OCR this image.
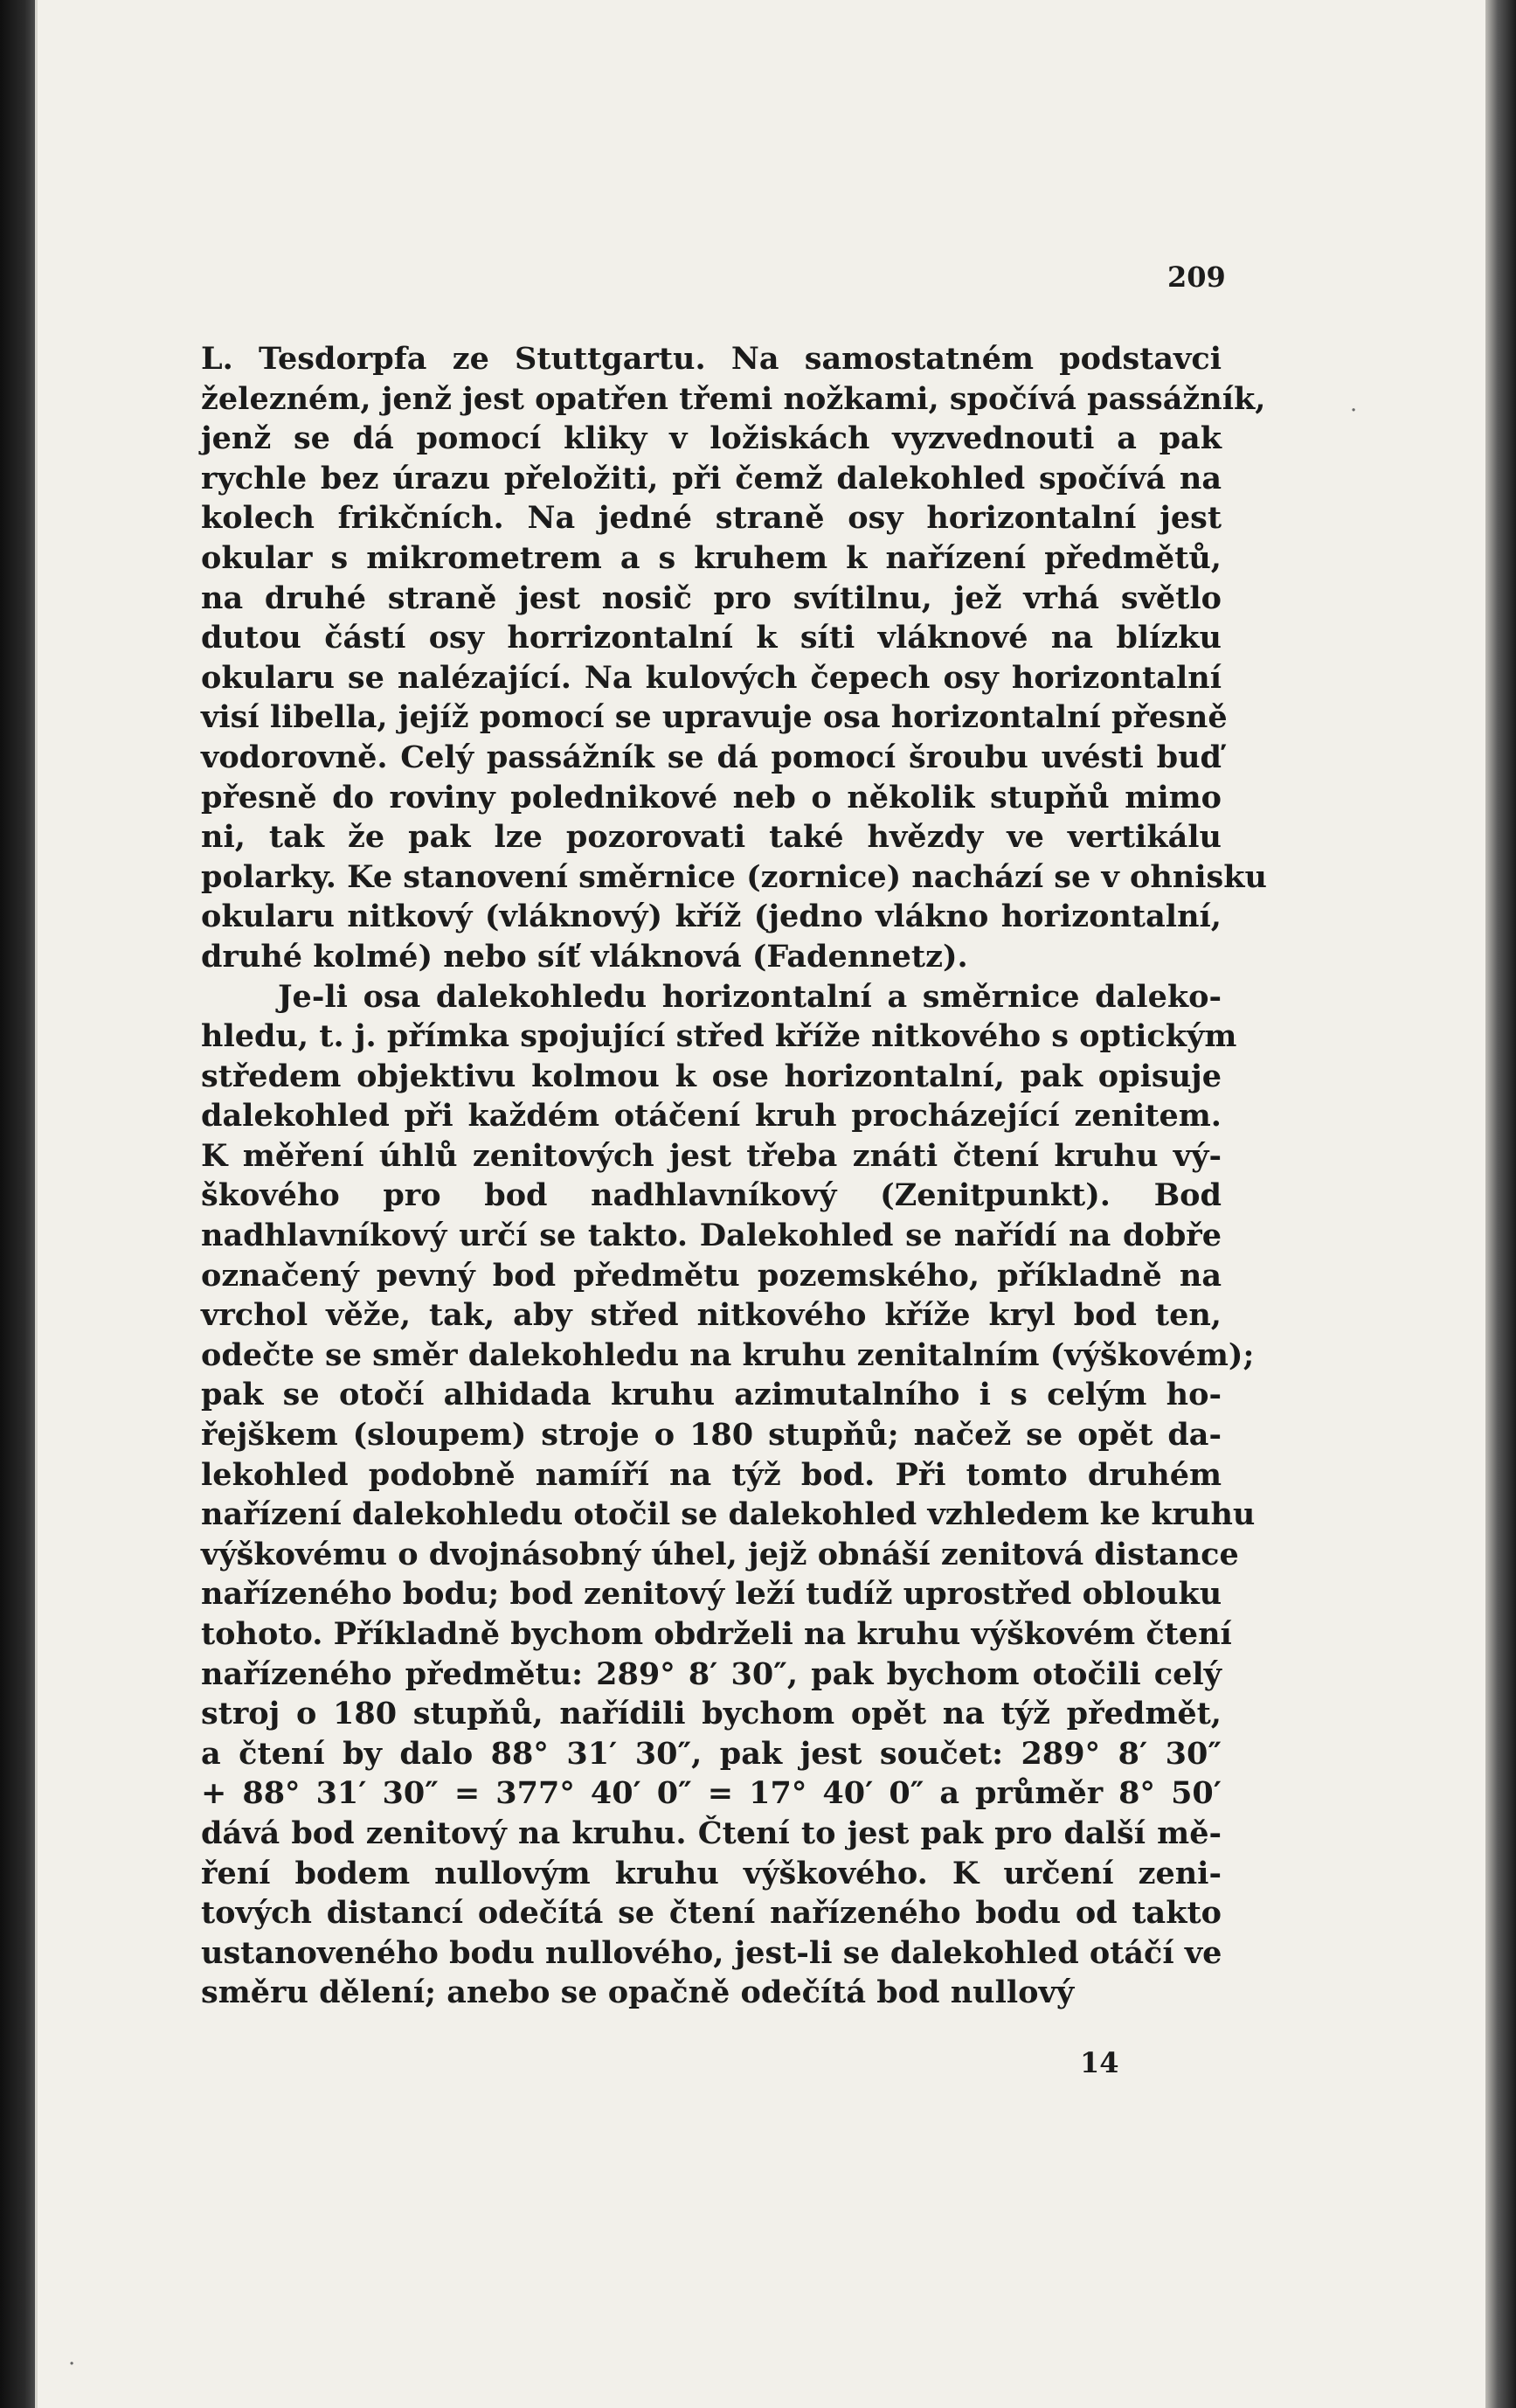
209
L. Tesdorpfa ze Stuttgartu. Na samostatném podstavci
železném, jenž jest opatřen třemi nožkami, spočívá passážník,
jenž se dá pomocí kliky v ložiskách vyzvednouti a pak
rychle bez úrazu přeložiti, při čemž dalekohled spočívá na
kolech frikčních. Na jedné straně osy horizontalní jest
okular s mikrometrem a s kruhem k nařízení předmětů,
na druhé straně jest nosič pro svítilnu, jež vrhá světlo
dutou částí osy horrizontalní k síti vláknové na blízku
okularu se nalézající. Na kulových čepech osy horizontalní
visí libella, jejíž pomocí se upravuje osa horizontalní přesně
vodorovně. Celý passážník se dá pomocí šroubu uvésti buď
přesně do roviny polednikové neb o několik stupňů mimo
ni, tak že pak lze pozorovati také hvězdy ve vertikálu
polarky. Ke stanovení směrnice (zornice) nachází se v ohnisku
okularu nitkový (vláknový) kříž (jedno vlákno horizontalní,
druhé kolmé) nebo síť vláknová (Fadennetz).
Je-li osa dalekohledu horizontalní a směrnice daleko-
hledu, t. j. přímka spojující střed kříže nitkového s optickým
středem objektivu kolmou k ose horizontalní, pak opisuje
dalekohled při každém otáčení kruh procházející zenitem.
K měření úhlů zenitových jest třeba znáti čtení kruhu vý-
škového pro bod nadhlavníkový (Zenitpunkt). Bod
nadhlavníkový určí se takto. Dalekohled se nařídí na dobře
označený pevný bod předmětu pozemského, příkladně na
vrchol věže, tak, aby střed nitkového kříže kryl bod ten,
odečte se směr dalekohledu na kruhu zenitalním (výškovém);
pak se otočí alhidada kruhu azimutalního i s celým ho-
řejškem (sloupem) stroje o 180 stupňů; načež se opět da-
lekohled podobně namíří na týž bod. Při tomto druhém
nařízení dalekohledu otočil se dalekohled vzhledem ke kruhu
výškovému o dvojnásobný úhel, jejž obnáší zenitová distance
nařízeného bodu; bod zenitový leží tudíž uprostřed oblouku
tohoto. Příkladně bychom obdrželi na kruhu výškovém čtení
nařízeného předmětu: 289° 8′ 30″, pak bychom otočili celý
stroj o 180 stupňů, nařídili bychom opět na týž předmět,
a čtení by dalo 88° 31′ 30″, pak jest součet: 289° 8′ 30″
+ 88° 31′ 30″ = 377° 40′ 0″ = 17° 40′ 0″ a průměr 8° 50′
dává bod zenitový na kruhu. Čtení to jest pak pro další mě-
ření bodem nullovým kruhu výškového. K určení zeni-
tových distancí odečítá se čtení nařízeného bodu od takto
ustanoveného bodu nullového, jest-li se dalekohled otáčí ve
směru dělení; anebo se opačně odečítá bod nullový
14
·
·
